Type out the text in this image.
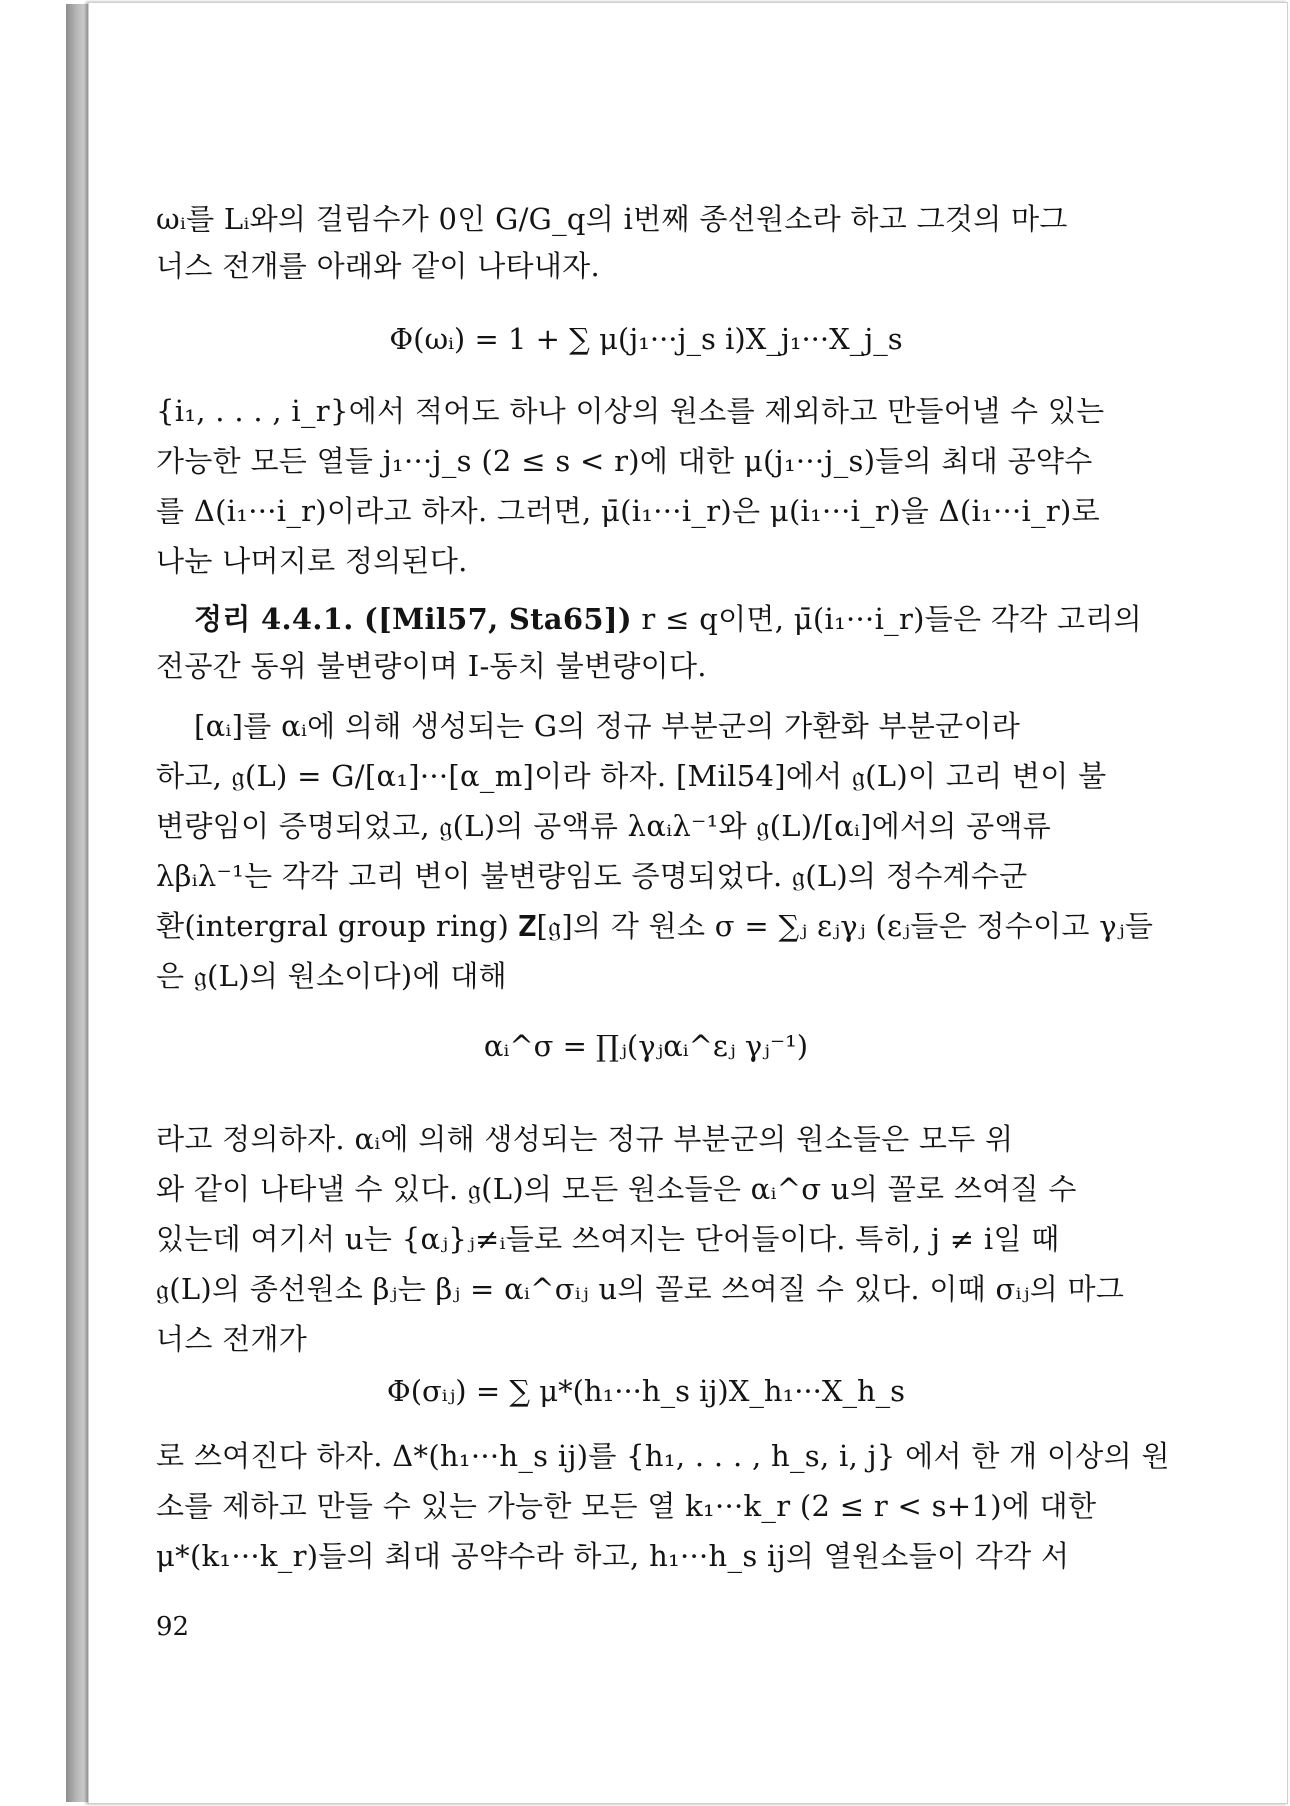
ωᵢ를 Lᵢ와의 걸림수가 0인 G/G_q의 i번째 종선원소라 하고 그것의 마그
너스 전개를 아래와 같이 나타내자.
Φ(ωᵢ) = 1 + ∑ μ(j₁···j_s i)X_j₁···X_j_s
{i₁, . . . , i_r}에서 적어도 하나 이상의 원소를 제외하고 만들어낼 수 있는
가능한 모든 열들 j₁···j_s (2 ≤ s < r)에 대한 μ(j₁···j_s)들의 최대 공약수
를 Δ(i₁···i_r)이라고 하자. 그러면, μ̄(i₁···i_r)은 μ(i₁···i_r)을 Δ(i₁···i_r)로
나눈 나머지로 정의된다.
정리 4.4.1. ([Mil57, Sta65]) r ≤ q이면, μ̄(i₁···i_r)들은 각각 고리의
전공간 동위 불변량이며 I-동치 불변량이다.
[αᵢ]를 αᵢ에 의해 생성되는 G의 정규 부분군의 가환화 부분군이라
하고, 𝔤(L) = G/[α₁]···[α_m]이라 하자. [Mil54]에서 𝔤(L)이 고리 변이 불
변량임이 증명되었고, 𝔤(L)의 공액류 λαᵢλ⁻¹와 𝔤(L)/[αᵢ]에서의 공액류
λβᵢλ⁻¹는 각각 고리 변이 불변량임도 증명되었다. 𝔤(L)의 정수계수군
환(intergral group ring) 𝐙[𝔤]의 각 원소 σ = ∑ⱼ εⱼγⱼ (εⱼ들은 정수이고 γⱼ들
은 𝔤(L)의 원소이다)에 대해
αᵢ^σ = ∏ⱼ(γⱼαᵢ^εⱼ γⱼ⁻¹)
라고 정의하자. αᵢ에 의해 생성되는 정규 부분군의 원소들은 모두 위
와 같이 나타낼 수 있다. 𝔤(L)의 모든 원소들은 αᵢ^σ u의 꼴로 쓰여질 수
있는데 여기서 u는 {αⱼ}ⱼ≠ᵢ들로 쓰여지는 단어들이다. 특히, j ≠ i일 때
𝔤(L)의 종선원소 βⱼ는 βⱼ = αᵢ^σᵢⱼ u의 꼴로 쓰여질 수 있다. 이때 σᵢⱼ의 마그
너스 전개가
Φ(σᵢⱼ) = ∑ μ*(h₁···h_s ij)X_h₁···X_h_s
로 쓰여진다 하자. Δ*(h₁···h_s ij)를 {h₁, . . . , h_s, i, j} 에서 한 개 이상의 원
소를 제하고 만들 수 있는 가능한 모든 열 k₁···k_r (2 ≤ r < s+1)에 대한
μ*(k₁···k_r)들의 최대 공약수라 하고, h₁···h_s ij의 열원소들이 각각 서
92
